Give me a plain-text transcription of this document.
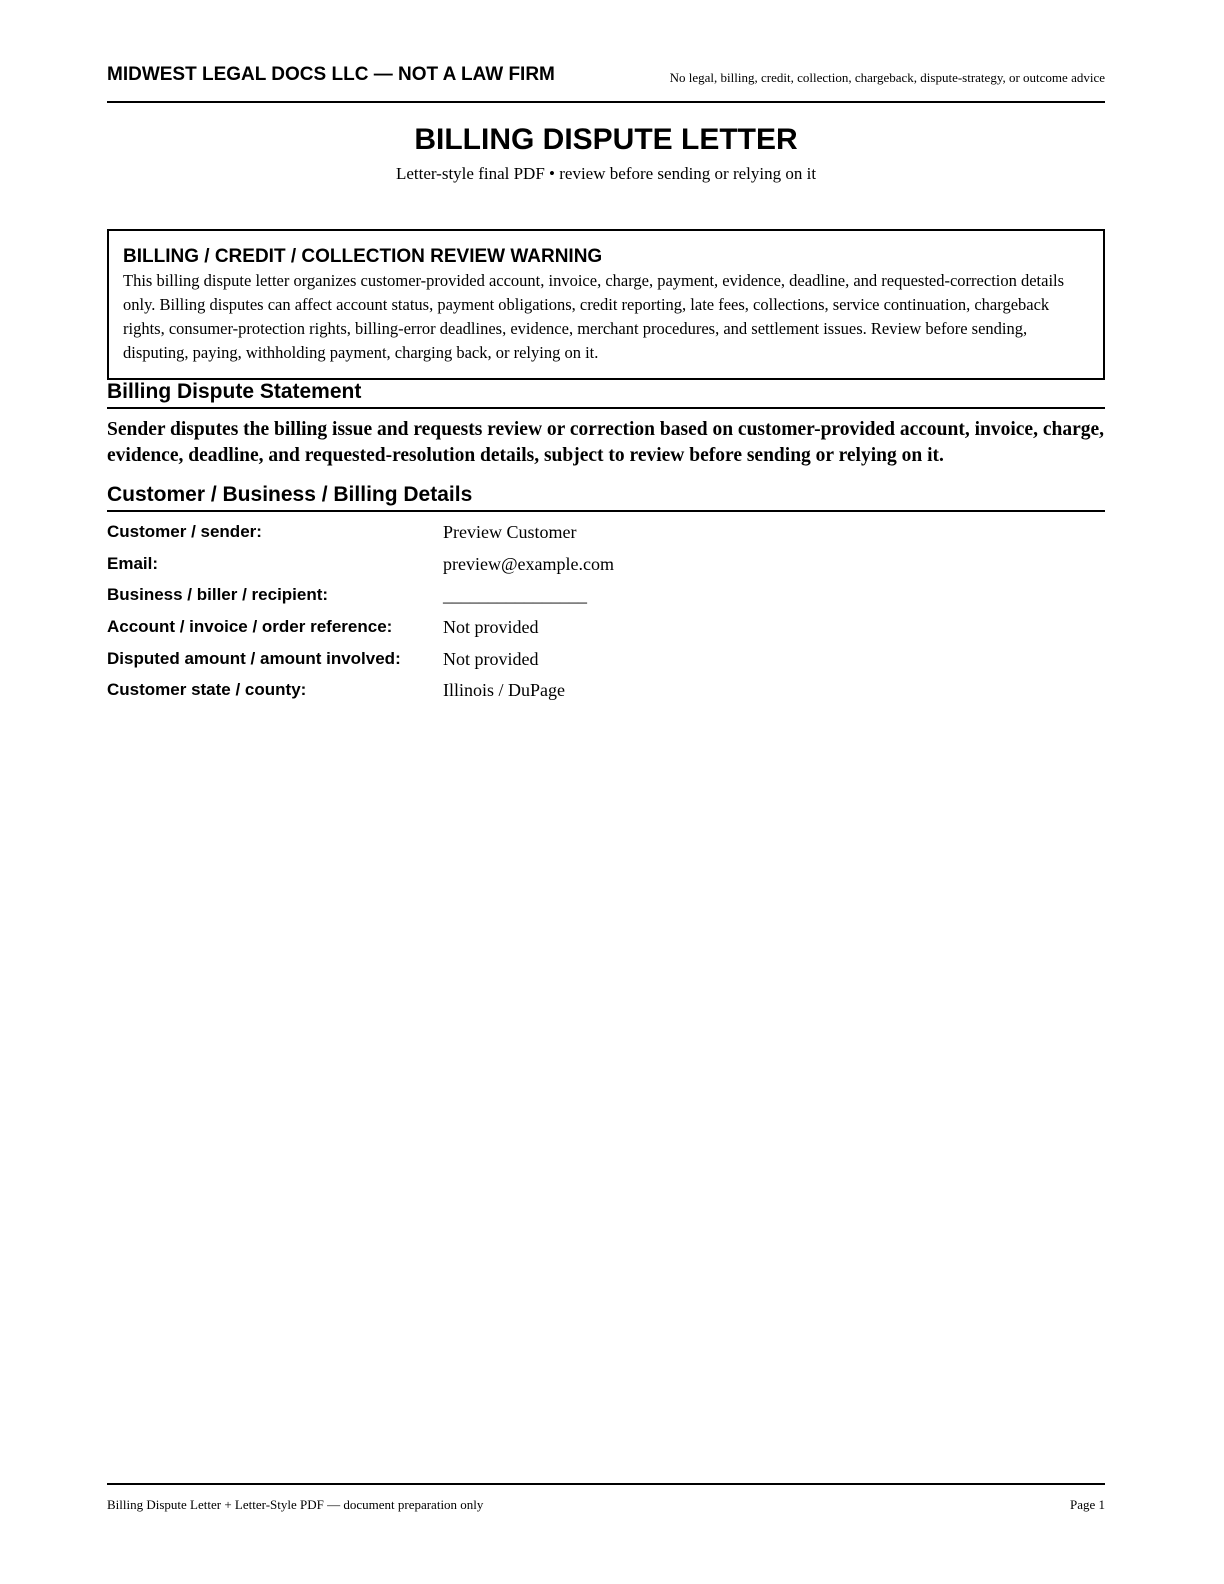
MIDWEST LEGAL DOCS LLC — NOT A LAW FIRM	No legal, billing, credit, collection, chargeback, dispute-strategy, or outcome advice
BILLING DISPUTE LETTER
Letter-style final PDF • review before sending or relying on it

BILLING / CREDIT / COLLECTION REVIEW WARNING

This billing dispute letter organizes customer-provided account, invoice, charge, payment, evidence, deadline, and requested-correction details only. Billing disputes can affect account status, payment obligations, credit reporting, late fees, collections, service continuation, chargeback rights, consumer-protection rights, billing-error deadlines, evidence, merchant procedures, and settlement issues. Review before sending, disputing, paying, withholding payment, charging back, or relying on it.

Billing Dispute Statement
Sender disputes the billing issue and requests review or correction based on customer-provided account, invoice, charge, evidence, deadline, and requested-resolution details, subject to review before sending or relying on it.
Customer / Business / Billing Details
Customer / sender:	Preview Customer
Email:	preview@example.com
Business / biller / recipient:	________________
Account / invoice / order reference:	Not provided
Disputed amount / amount involved: Not provided
Customer state / county:	Illinois / DuPage
Billing Dispute Letter + Letter-Style PDF — document preparation only	Page 1
